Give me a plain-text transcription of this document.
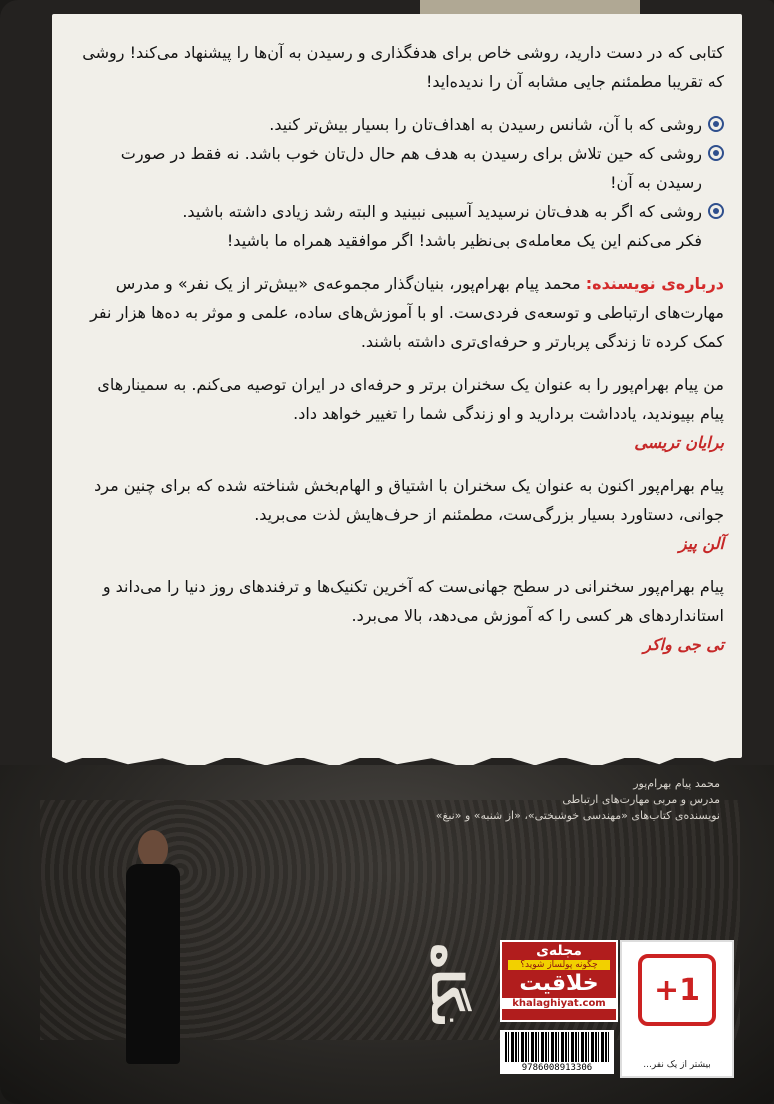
کتابی که در دست دارید، روشی خاص برای هدفگذاری و رسیدن به آن‌ها را پیشنهاد می‌کند! روشی که تقریبا مطمئنم جایی مشابه آن را ندیده‌اید!

روشی که با آن، شانس رسیدن به اهداف‌تان را بسیار بیش‌تر کنید.
روشی که حین تلاش برای رسیدن به هدف هم حال دل‌تان خوب باشد. نه فقط در صورت رسیدن به آن!
روشی که اگر به هدف‌تان نرسیدید آسیبی نبینید و البته رشد زیادی داشته باشید.

فکر می‌کنم این یک معامله‌ی بی‌نظیر باشد! اگر موافقید همراه ما باشید!

درباره‌ی نویسنده: محمد پیام بهرام‌پور، بنیان‌گذار مجموعه‌ی «بیش‌تر از یک نفر» و مدرس مهارت‌های ارتباطی و توسعه‌ی فردی‌ست. او با آموزش‌های ساده، علمی و موثر به ده‌ها هزار نفر کمک کرده تا زندگی پربارتر و حرفه‌ای‌تری داشته باشند.

من پیام بهرام‌پور را به عنوان یک سخنران برتر و حرفه‌ای در ایران توصیه می‌کنم. به سمینارهای پیام بپیوندید، یادداشت بردارید و او زندگی شما را تغییر خواهد داد.

برایان تریسی

پیام بهرام‌پور اکنون به عنوان یک سخنران با اشتیاق و الهام‌بخش شناخته شده که برای چنین مرد جوانی، دستاورد بسیار بزرگی‌ست، مطمئنم از حرف‌هایش لذت می‌برید.

آلن پیز

پیام بهرام‌پور سخنرانی در سطح جهانی‌ست که آخرین تکنیک‌ها و ترفندهای روز دنیا را می‌داند و استانداردهای هر کسی را که آموزش می‌دهد، بالا می‌برد.

تی جی واکر

محمد پیام بهرام‌پور

مدرس و مربی مهارت‌های ارتباطی

نویسنده‌ی کتاب‌های «مهندسی خوشبختی»، «از شنبه» و «نبغ»

نگاه	مجله‌ی
چگونه پولساز شوید؟
خلاقیت
khalaghiyat.com
9786008913306
+1
بیشتر از یک نفر...
